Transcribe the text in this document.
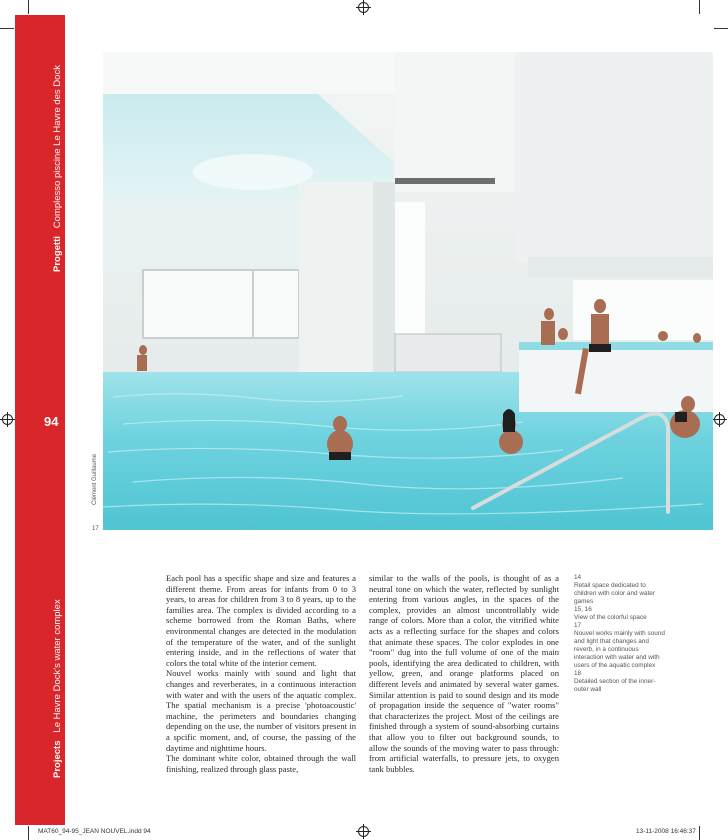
Progetti   Complesso piscine Le Havre des Dock
94
Projects   Le Havre Dock's water complex
Clément Guillaume
17

Each pool has a specific shape and size and features a different theme. From areas for infants from 0 to 3 years, to areas for children from 3 to 8 years, up to the families area. The complex is divided according to a scheme borrowed from the Roman Baths, where environmental changes are detected in the modulation of the temperature of the water, and of the sunlight entering inside, and in the reflections of water that colors the total white of the interior cement.

Nouvel works mainly with sound and light that changes and reverberates, in a continuous interaction with water and with the users of the aquatic complex. The spatial mechanism is a precise 'photoacoustic' machine, the perimeters and boundaries changing depending on the use, the number of visitors present in a spcific moment, and, of course, the passing of the daytime and nighttime hours.

The dominant white color, obtained through the wall finishing, realized through glass paste,

similar to the walls of the pools, is thought of as a neutral tone on which the water, reflected by sunlight entering from various angles, in the spaces of the complex, provides an almost uncontrollably wide range of colors. More than a color, the vitrified white acts as a reflecting surface for the shapes and colors that animate these spaces. The color explodes in one "room" dug into the full volume of one of the main pools, identifying the area dedicated to children, with yellow, green, and orange platforms placed on different levels and animated by several water games. Similar attention is paid to sound design and its mode of propagation inside the sequence of "water rooms" that characterizes the project. Most of the ceilings are finished through a system of sound-absorbing curtains that allow you to filter out background sounds, to allow the sounds of the moving water to pass through: from artificial waterfalls, to pressure jets, to oxygen tank bubbles.

14
Retail space dedicated to children with color and water games
15, 16
View of the colorful space
17
Nouvel works mainly with sound and light that changes and reverb, in a continuous interaction with water and with users of the aquatic complex
18
Detailed section of the inner-outer wall
MAT60_94-95_JEAN NOUVEL.indd 94	13-11-2008 16:46:37
